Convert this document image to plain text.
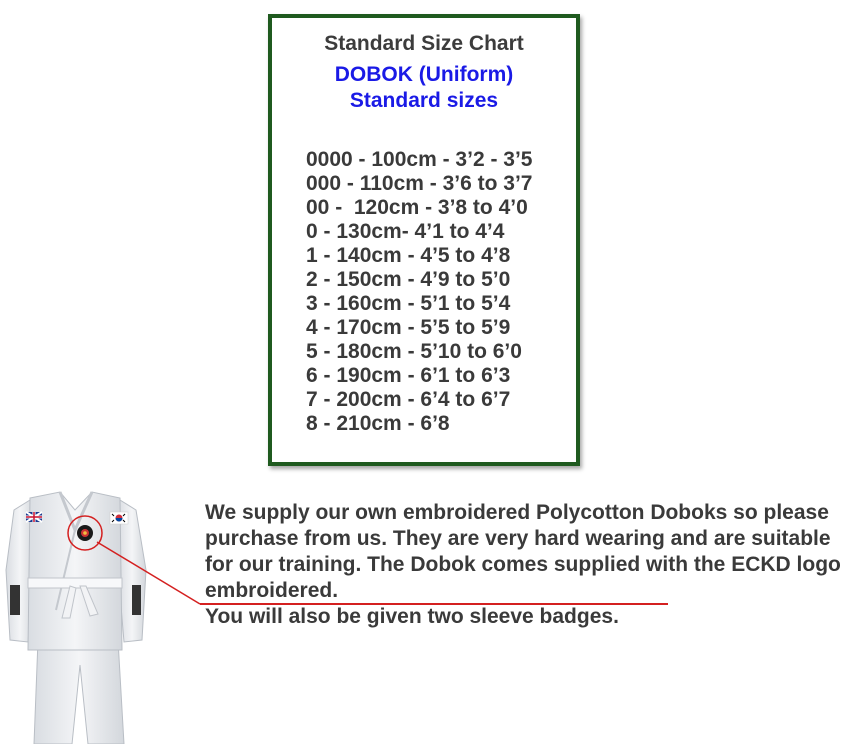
Standard Size Chart
DOBOK (Uniform)
Standard sizes
0000 - 100cm - 3’2 - 3’5
000 - 110cm - 3’6 to 3’7
00 -  120cm - 3’8 to 4’0
0 - 130cm- 4’1 to 4’4
1 - 140cm - 4’5 to 4’8
2 - 150cm - 4’9 to 5’0
3 - 160cm - 5’1 to 5’4
4 - 170cm - 5’5 to 5’9
5 - 180cm - 5’10 to 6’0
6 - 190cm - 6’1 to 6’3
7 - 200cm - 6’4 to 6’7
8 - 210cm - 6’8

We supply our own embroidered Polycotton Doboks so please purchase from us. They are very hard wearing and are suitable for our training. The Dobok comes supplied with the ECKD logo embroidered.

You will also be given two sleeve badges.
